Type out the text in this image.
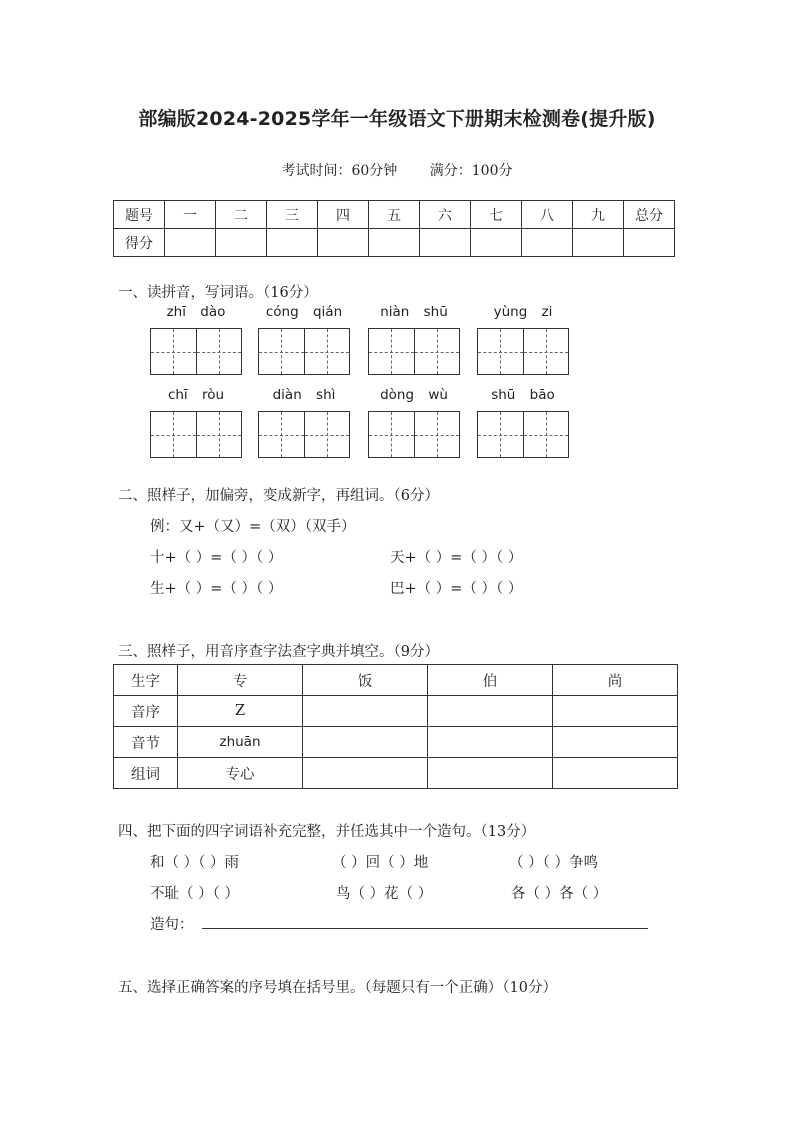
部编版2024-2025学年一年级语文下册期末检测卷(提升版)
考试时间：60分钟 满分：100分
题号	一	二	三	四	五	六	七	八	九	总分
得分										
一、读拼音，写词语。（16分）
zhī dào	cóng qián	niàn shū	yùng zi
chī ròu	diàn shì	dòng wù	shū bāo
二、照样子，加偏旁，变成新字，再组词。（6分）
例：又+（又）=（双）（双手）
十+（ ）=（ ）（ ）	天+（ ）=（ ）（ ）
生+（ ）=（ ）（ ）	巴+（ ）=（ ）（ ）
三、照样子，用音序查字法查字典并填空。（9分）
生字	专	饭	伯	尚
音序	Z			
音节	zhuān			
组词	专心			
四、把下面的四字词语补充完整，并任选其中一个造句。（13分）
和（ ）（ ）雨	（ ）回（ ）地	（ ）（ ）争鸣
不耻（ ）（ ）	鸟（ ）花（ ）	各（ ）各（ ）
造句：
五、选择正确答案的序号填在括号里。（每题只有一个正确）（10分）
